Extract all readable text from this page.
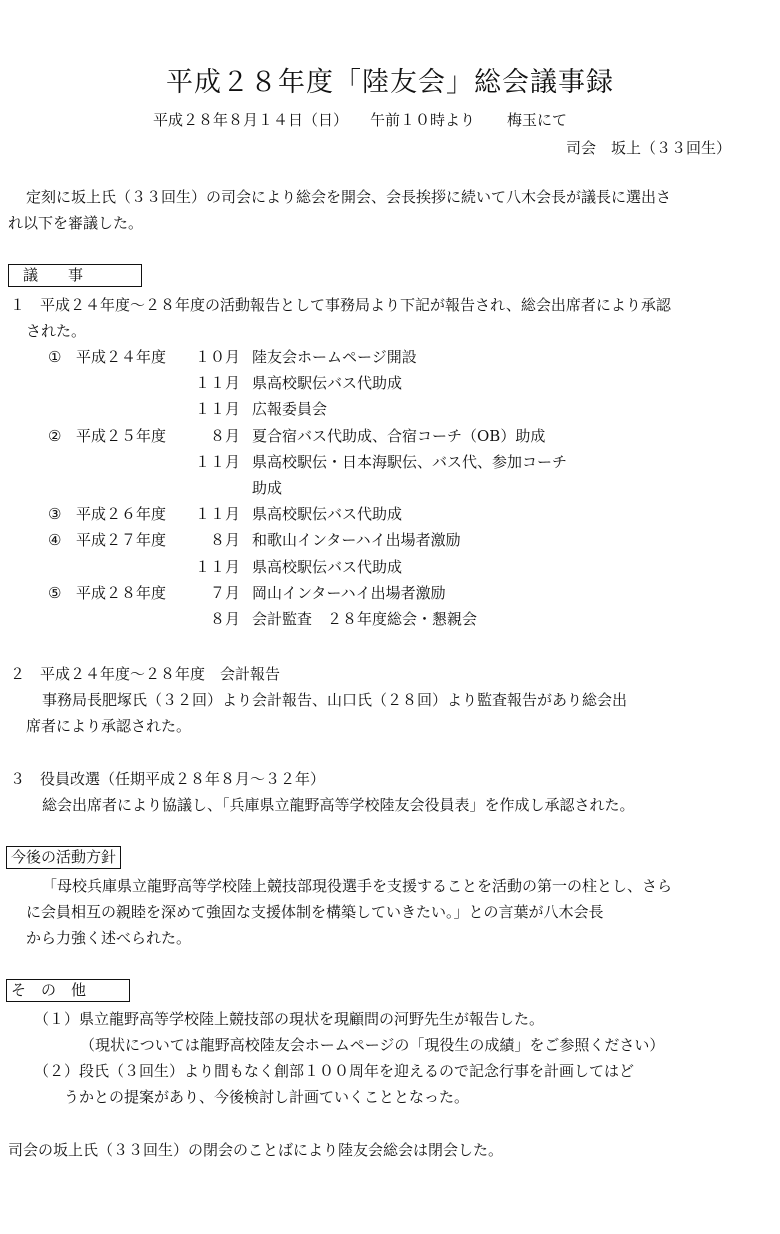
平成２８年度「陸友会」総会議事録
平成２８年８月１４日（日） 午前１０時より 梅玉にて
司会　坂上（３３回生）
定刻に坂上氏（３３回生）の司会により総会を開会、会長挨拶に続いて八木会長が議長に選出さ
れ以下を審議した。
議　　事
１　平成２４年度～２８年度の活動報告として事務局より下記が報告され、総会出席者により承認
された。
① 平成２４年度	１０月 陸友会ホームページ開設
１１月 県高校駅伝バス代助成
１１月 広報委員会
② 平成２５年度	８月 夏合宿バス代助成、合宿コーチ（OB）助成
１１月 県高校駅伝・日本海駅伝、バス代、参加コーチ
助成
③ 平成２６年度	１１月 県高校駅伝バス代助成
④ 平成２７年度	８月 和歌山インターハイ出場者激励
１１月 県高校駅伝バス代助成
⑤ 平成２８年度	７月 岡山インターハイ出場者激励
８月 会計監査　２８年度総会・懇親会
２　平成２４年度～２８年度　会計報告
事務局長肥塚氏（３２回）より会計報告、山口氏（２８回）より監査報告があり総会出
席者により承認された。
３　役員改選（任期平成２８年８月～３２年）
総会出席者により協議し、「兵庫県立龍野高等学校陸友会役員表」を作成し承認された。
今後の活動方針
「母校兵庫県立龍野高等学校陸上競技部現役選手を支援することを活動の第一の柱とし、さら
に会員相互の親睦を深めて強固な支援体制を構築していきたい。」との言葉が八木会長
から力強く述べられた。
そ　の　他
（１）県立龍野高等学校陸上競技部の現状を現顧問の河野先生が報告した。
（現状については龍野高校陸友会ホームページの「現役生の成績」をご参照ください）
（２）段氏（３回生）より間もなく創部１００周年を迎えるので記念行事を計画してはど
うかとの提案があり、今後検討し計画ていくこととなった。
司会の坂上氏（３３回生）の閉会のことばにより陸友会総会は閉会した。
